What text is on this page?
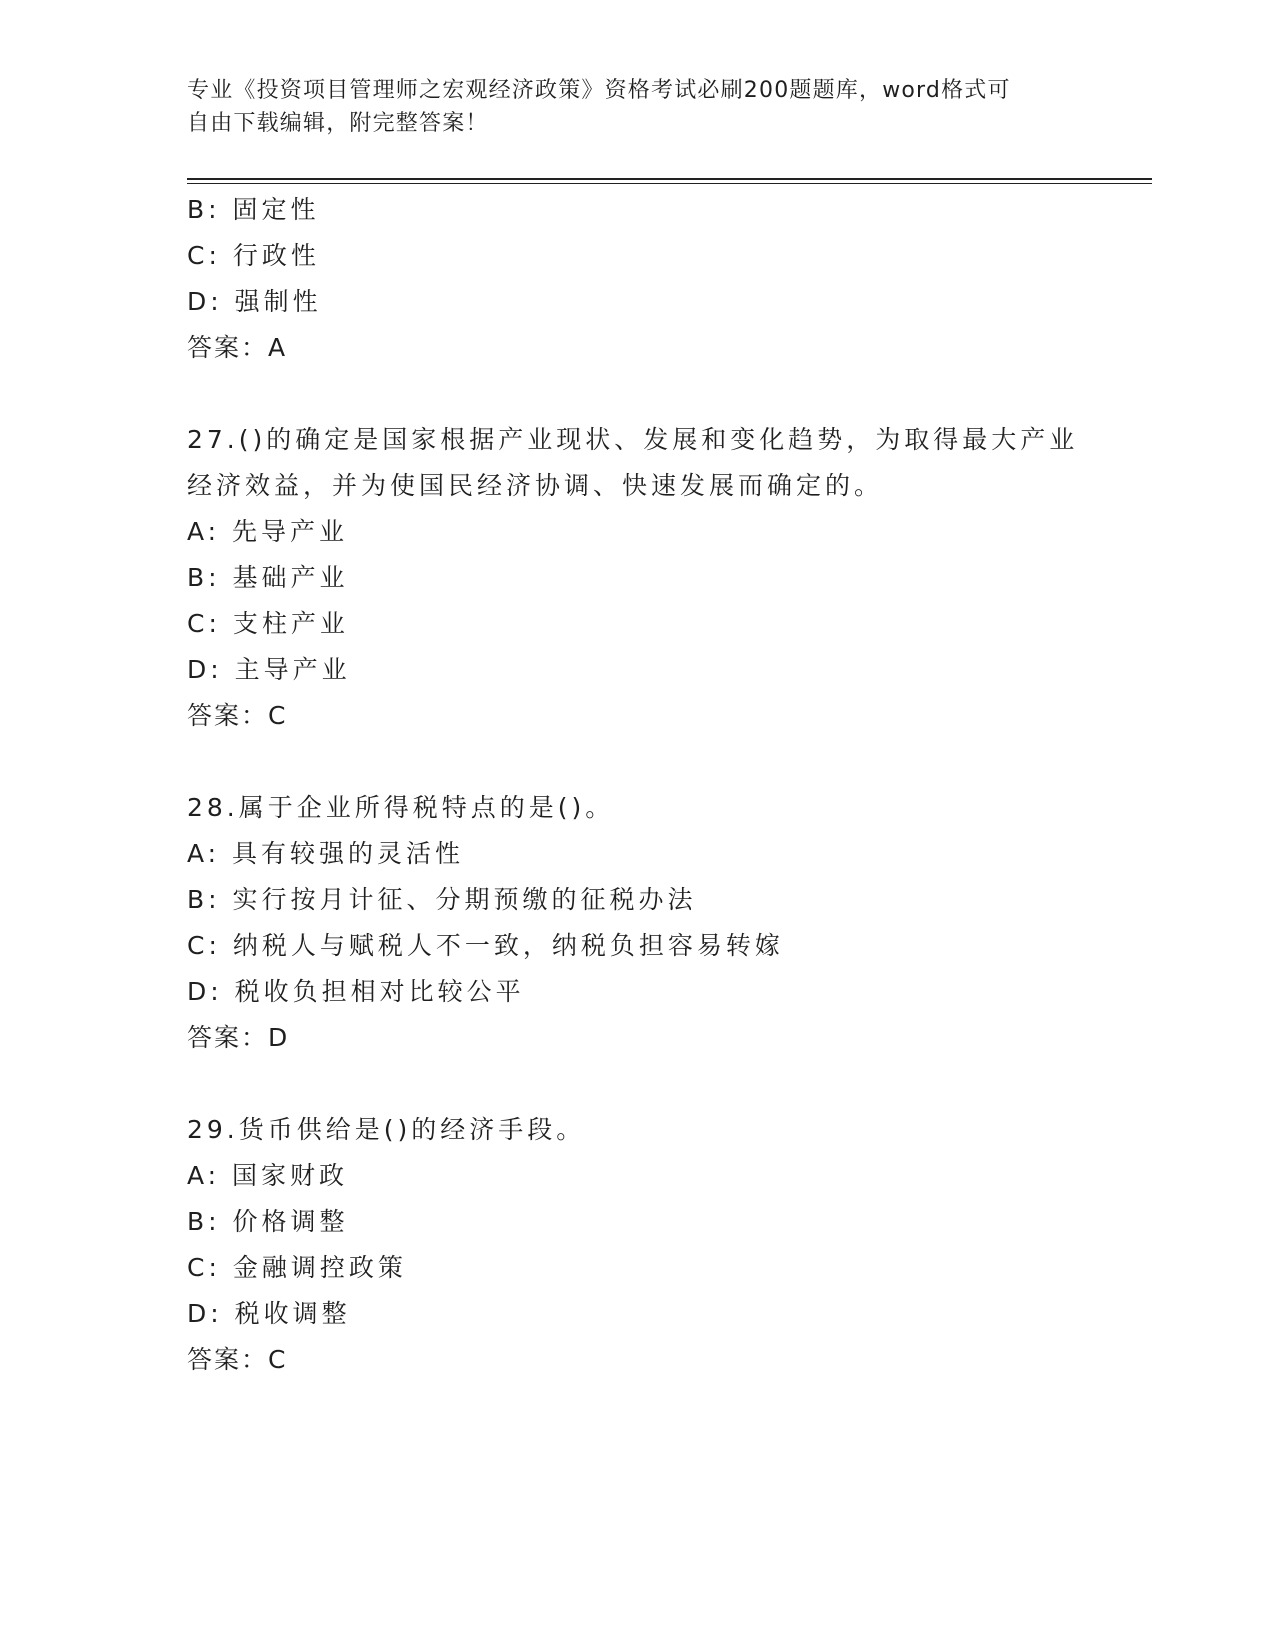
专业《投资项目管理师之宏观经济政策》资格考试必刷200题题库，word格式可
自由下载编辑，附完整答案！
B: 固定性
C: 行政性
D: 强制性
答案：A
27.()的确定是国家根据产业现状、发展和变化趋势，为取得最大产业
经济效益，并为使国民经济协调、快速发展而确定的。
A: 先导产业
B: 基础产业
C: 支柱产业
D: 主导产业
答案：C
28.属于企业所得税特点的是()。
A: 具有较强的灵活性
B: 实行按月计征、分期预缴的征税办法
C: 纳税人与赋税人不一致，纳税负担容易转嫁
D: 税收负担相对比较公平
答案：D
29.货币供给是()的经济手段。
A: 国家财政
B: 价格调整
C: 金融调控政策
D: 税收调整
答案：C
